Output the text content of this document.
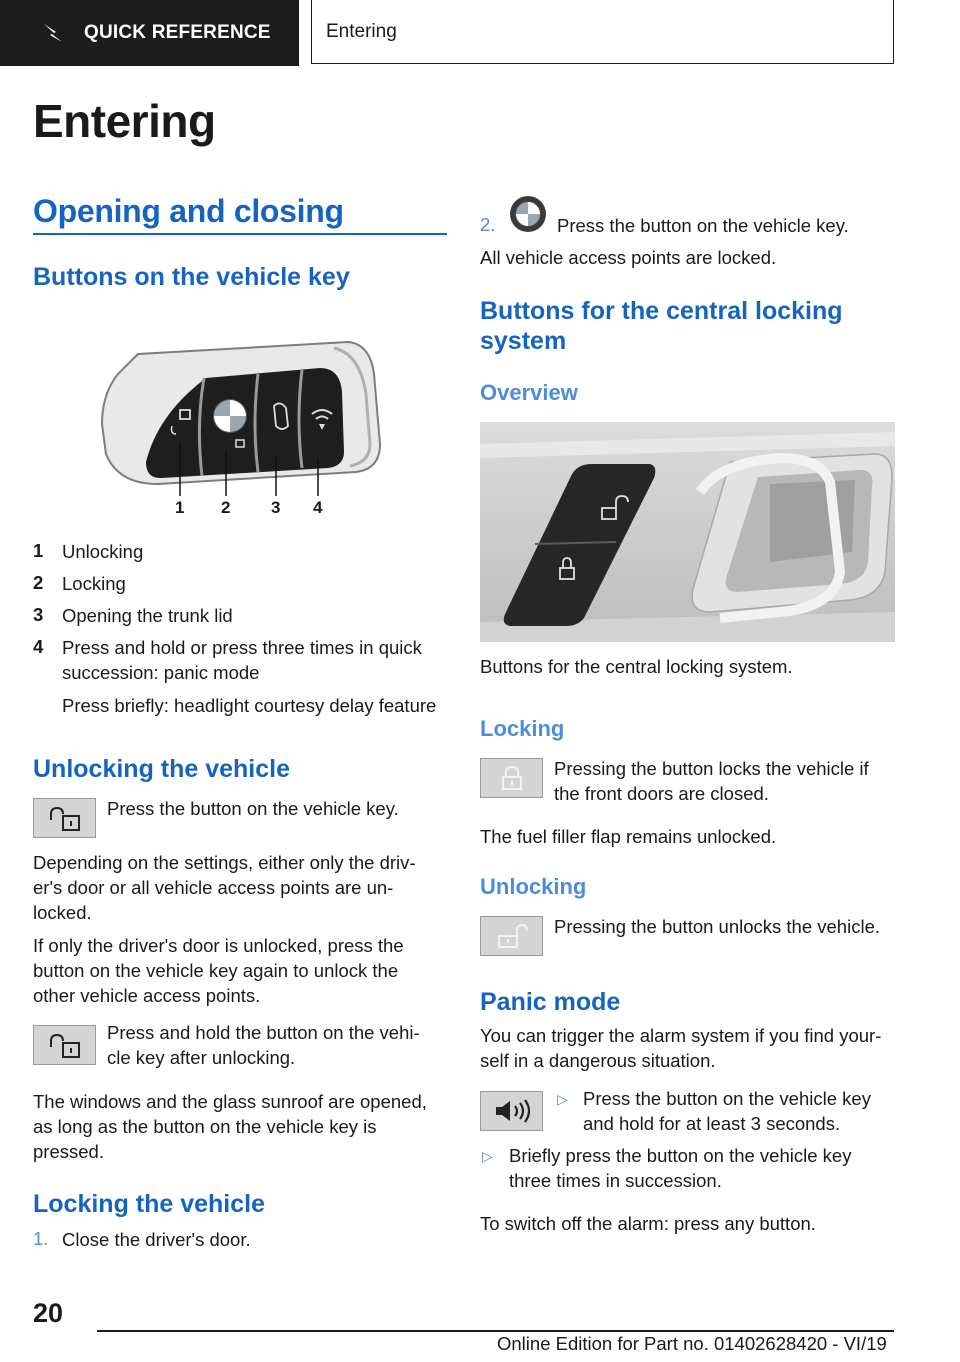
QUICK REFERENCE	Entering
Entering
Opening and closing
Buttons on the vehicle key
1 2 3 4
1 Unlocking

2 Locking

3 Opening the trunk lid

4 Press and hold or press three times in quick

succession: panic mode

Press briefly: headlight courtesy delay feature

Unlocking the vehicle

Press the button on the vehicle key.

Depending on the settings, either only the driv-

er's door or all vehicle access points are un-

locked.

If only the driver's door is unlocked, press the

button on the vehicle key again to unlock the

other vehicle access points.

Press and hold the button on the vehi-

cle key after unlocking.

The windows and the glass sunroof are opened,

as long as the button on the vehicle key is

pressed.

Locking the vehicle
1. Close the driver's door.

2.	Press the button on the vehicle key.

All vehicle access points are locked.

Buttons for the central locking
system
Overview

Buttons for the central locking system.

Locking

Pressing the button locks the vehicle if

the front doors are closed.

The fuel filler flap remains unlocked.

Unlocking

Pressing the button unlocks the vehicle.

Panic mode

You can trigger the alarm system if you find your-

self in a dangerous situation.

▷ Press the button on the vehicle key

and hold for at least 3 seconds.

▷ Briefly press the button on the vehicle key

three times in succession.

To switch off the alarm: press any button.

20
Online Edition for Part no. 01402628420 - VI/19
